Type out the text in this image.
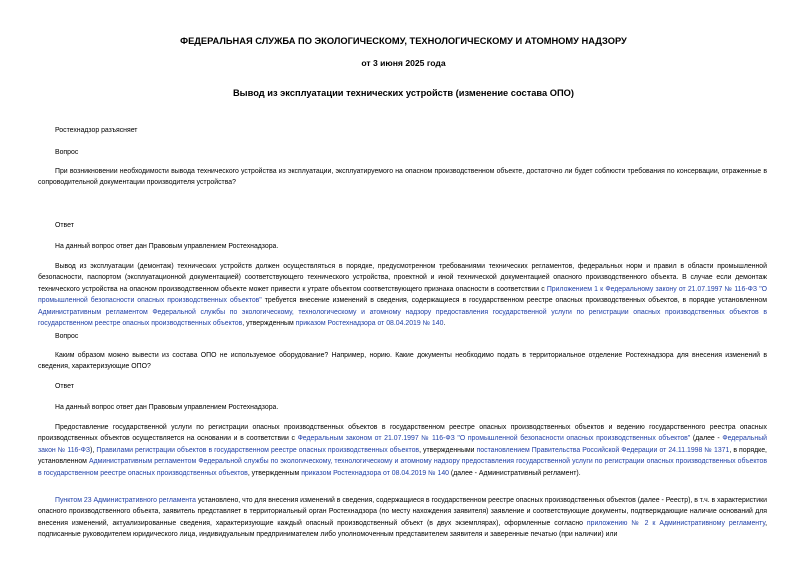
ФЕДЕРАЛЬНАЯ СЛУЖБА ПО ЭКОЛОГИЧЕСКОМУ, ТЕХНОЛОГИЧЕСКОМУ И АТОМНОМУ НАДЗОРУ
от 3 июня 2025 года
Вывод из эксплуатации технических устройств (изменение состава ОПО)
Ростехнадзор разъясняет
Вопрос
При возникновении необходимости вывода технического устройства из эксплуатации, эксплуатируемого на опасном производственном объекте, достаточно ли будет соблюсти требования по консервации, отраженные в сопроводительной документации производителя устройства?
Ответ
На данный вопрос ответ дан Правовым управлением Ростехнадзора.
Вывод из эксплуатации (демонтаж) технических устройств должен осуществляться в порядке, предусмотренном требованиями технических регламентов, федеральных норм и правил в области промышленной безопасности, паспортом (эксплуатационной документацией) соответствующего технического устройства, проектной и иной технической документацией опасного производственного объекта. В случае если демонтаж технического устройства на опасном производственном объекте может привести к утрате объектом соответствующего признака опасности в соответствии с Приложением 1 к Федеральному закону от 21.07.1997 № 116-ФЗ "О промышленной безопасности опасных производственных объектов" требуется внесение изменений в сведения, содержащиеся в государственном реестре опасных производственных объектов, в порядке установленном Административным регламентом Федеральной службы по экологическому, технологическому и атомному надзору предоставления государственной услуги по регистрации опасных производственных объектов в государственном реестре опасных производственных объектов, утвержденным приказом Ростехнадзора от 08.04.2019 № 140.
Вопрос
Каким образом можно вывести из состава ОПО не используемое оборудование? Например, норию. Какие документы необходимо подать в территориальное отделение Ростехнадзора для внесения изменений в сведения, характеризующие ОПО?
Ответ
На данный вопрос ответ дан Правовым управлением Ростехнадзора.
Предоставление государственной услуги по регистрации опасных производственных объектов в государственном реестре опасных производственных объектов и ведению государственного реестра опасных производственных объектов осуществляется на основании и в соответствии с Федеральным законом от 21.07.1997 № 116-ФЗ "О промышленной безопасности опасных производственных объектов" (далее - Федеральный закон № 116-ФЗ), Правилами регистрации объектов в государственном реестре опасных производственных объектов, утвержденными постановлением Правительства Российской Федерации от 24.11.1998 № 1371, в порядке, установленном Административным регламентом Федеральной службы по экологическому, технологическому и атомному надзору предоставления государственной услуги по регистрации опасных производственных объектов в государственном реестре опасных производственных объектов, утвержденным приказом Ростехнадзора от 08.04.2019 № 140 (далее - Административный регламент).
Пунктом 23 Административного регламента установлено, что для внесения изменений в сведения, содержащиеся в государственном реестре опасных производственных объектов (далее - Реестр), в т.ч. в характеристики опасного производственного объекта, заявитель представляет в территориальный орган Ростехнадзора (по месту нахождения заявителя) заявление и соответствующие документы, подтверждающие наличие оснований для внесения изменений, актуализированные сведения, характеризующие каждый опасный производственный объект (в двух экземплярах), оформленные согласно приложению № 2 к Административному регламенту, подписанные руководителем юридического лица, индивидуальным предпринимателем либо уполномоченным представителем заявителя и заверенные печатью (при наличии) или
